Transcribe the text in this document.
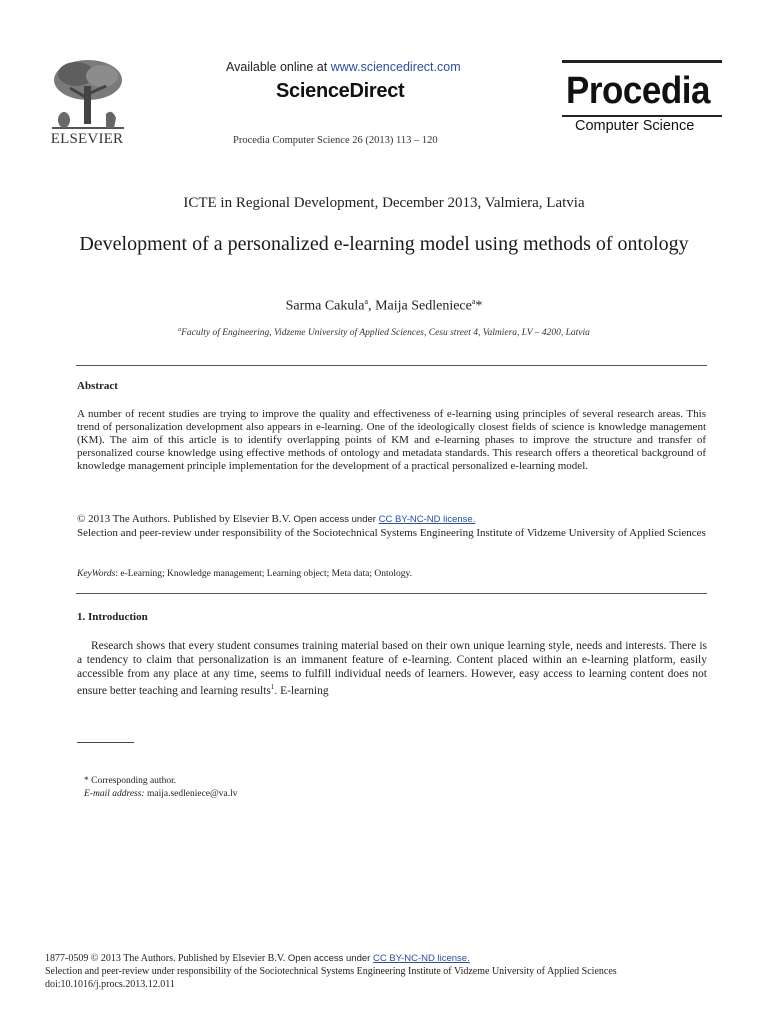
ELSEVIER
Available online at www.sciencedirect.com
ScienceDirect
Procedia Computer Science 26 (2013) 113 – 120
Procedia
Computer Science
ICTE in Regional Development, December 2013, Valmiera, Latvia
Development of a personalized e-learning model using methods of ontology
Sarma Cakula$^a$, Maija Sedleniece$^a$*
$^a$Faculty of Engineering, Vidzeme University of Applied Sciences, Cesu street 4, Valmiera, LV – 4200, Latvia
Abstract
A number of recent studies are trying to improve the quality and effectiveness of e-learning using principles of several research areas. This trend of personalization development also appears in e-learning. One of the ideologically closest fields of science is knowledge management (KM). The aim of this article is to identify overlapping points of KM and e-learning phases to improve the structure and transfer of personalized course knowledge using effective methods of ontology and metadata standards. This research offers a theoretical background of knowledge management principle implementation for the development of a practical personalized e-learning model.
© 2013 The Authors. Published by Elsevier B.V. Open access under CC BY-NC-ND license.
Selection and peer-review under responsibility of the Sociotechnical Systems Engineering Institute of Vidzeme University of Applied Sciences
KeyWords: e-Learning; Knowledge management; Learning object; Meta data; Ontology.
1. Introduction
Research shows that every student consumes training material based on their own unique learning style, needs and interests. There is a tendency to claim that personalization is an immanent feature of e-learning. Content placed within an e-learning platform, easily accessible from any place at any time, seems to fulfill individual needs of learners. However, easy access to learning content does not ensure better teaching and learning results$^1$. E-learning
* Corresponding author.
E-mail address: maija.sedleniece@va.lv
1877-0509 © 2013 The Authors. Published by Elsevier B.V. Open access under CC BY-NC-ND license.
Selection and peer-review under responsibility of the Sociotechnical Systems Engineering Institute of Vidzeme University of Applied Sciences
doi:10.1016/j.procs.2013.12.011
